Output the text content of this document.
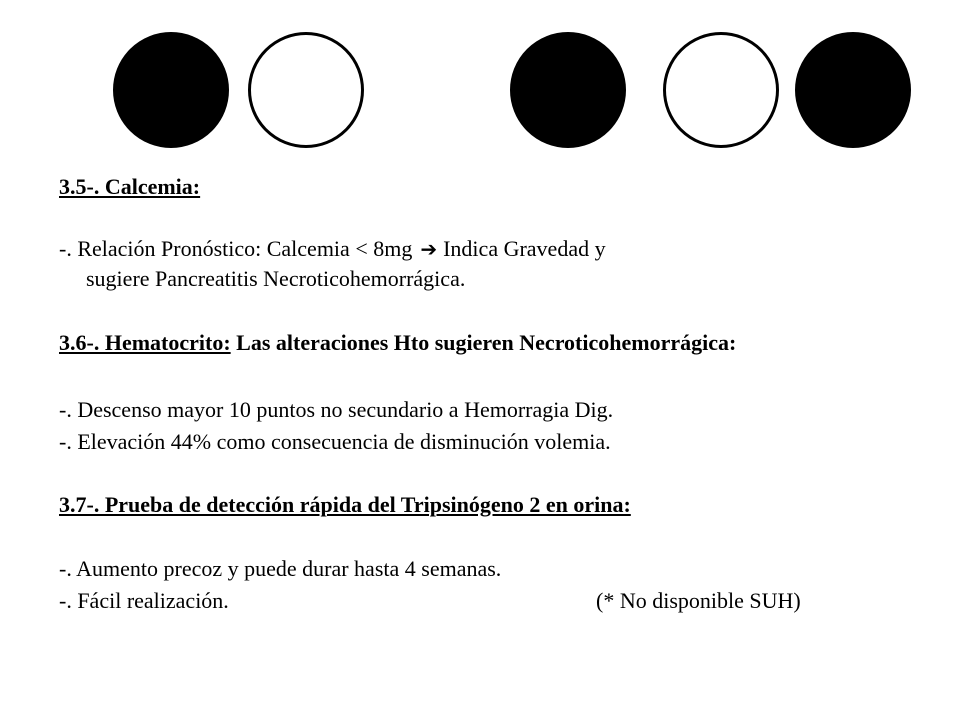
3.5-. Calcemia:
-. Relación Pronóstico: Calcemia < 8mg ➔ Indica Gravedad y
sugiere Pancreatitis Necroticohemorrágica.
3.6-. Hematocrito: Las alteraciones Hto sugieren Necroticohemorrágica:
-. Descenso mayor 10 puntos no secundario a Hemorragia Dig.
-. Elevación 44% como consecuencia de disminución volemia.
3.7-. Prueba de detección rápida del Tripsinógeno 2 en orina:
-. Aumento precoz y puede durar hasta 4 semanas.
-. Fácil realización.	(* No disponible SUH)
